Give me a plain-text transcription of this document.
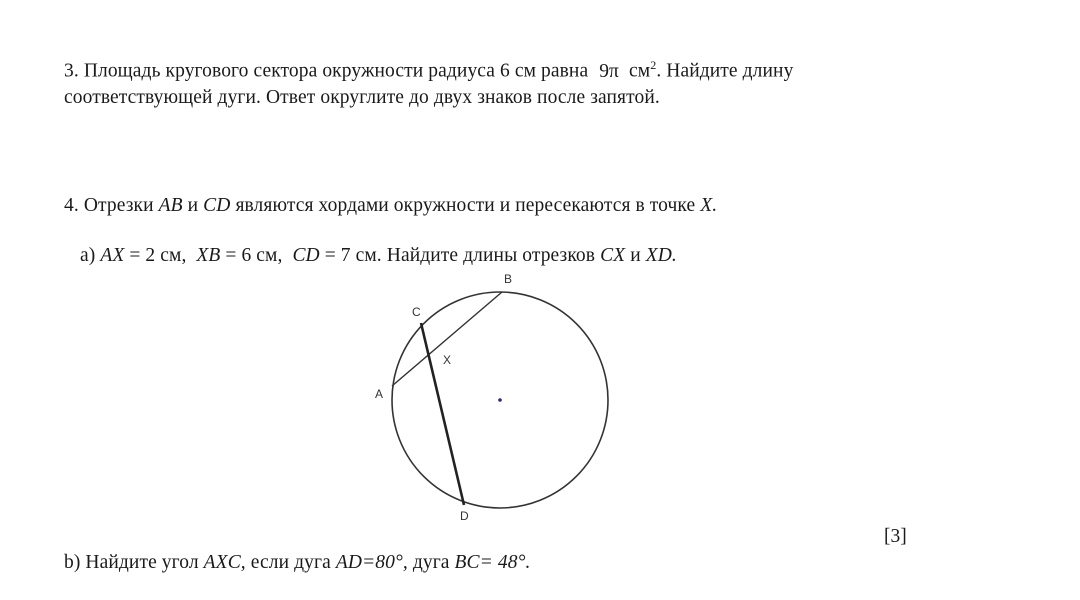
3. Площадь кругового сектора окружности радиуса 6 см равна 9π $см^2$. Найдите длину
соответствующей дуги. Ответ округлите до двух знаков после запятой.
4. Отрезки AB и CD являются хордами окружности и пересекаются в точке X.
а) AX = 2 см, XB = 6 см, CD = 7 см. Найдите длины отрезков CX и XD.
B
C
X
A
D
[3]
b) Найдите угол AXC, если дуга AD=80°, дуга BC= 48°.
